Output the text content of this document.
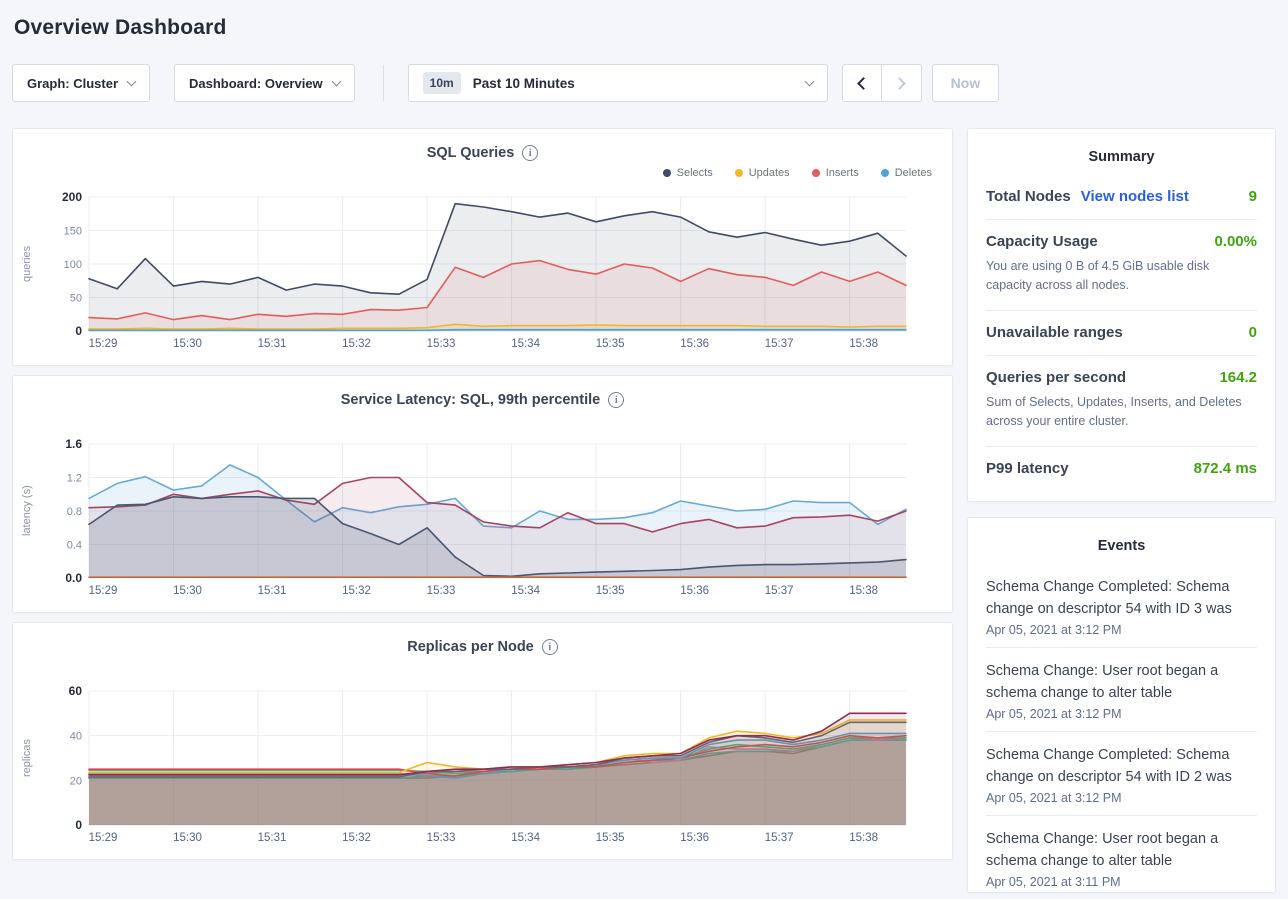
Overview Dashboard
Graph: Cluster	Dashboard: Overview	10m	Past 10 Minutes	Now
SQL Queries	i
Selects	Updates	Inserts	Deletes
queries
0
50
100
150
200
15:29	15:30	15:31	15:32	15:33	15:34	15:35	15:36	15:37	15:38
Service Latency: SQL, 99th percentile	i
latency (s)
0.0
0.4
0.8
1.2
1.6
15:29	15:30	15:31	15:32	15:33	15:34	15:35	15:36	15:37	15:38
Replicas per Node	i
replicas
0
20
40
60
15:29	15:30	15:31	15:32	15:33	15:34	15:35	15:36	15:37	15:38
Summary
Total Nodes View nodes list	9
Capacity Usage	0.00%
You are using 0 B of 4.5 GiB usable disk capacity across all nodes.
Unavailable ranges	0
Queries per second	164.2
Sum of Selects, Updates, Inserts, and Deletes across your entire cluster.
P99 latency	872.4 ms
Events
Schema Change Completed: Schema change on descriptor 54 with ID 3 was
Apr 05, 2021 at 3:12 PM
Schema Change: User root began a schema change to alter table
Apr 05, 2021 at 3:12 PM
Schema Change Completed: Schema change on descriptor 54 with ID 2 was
Apr 05, 2021 at 3:12 PM
Schema Change: User root began a schema change to alter table
Apr 05, 2021 at 3:11 PM
